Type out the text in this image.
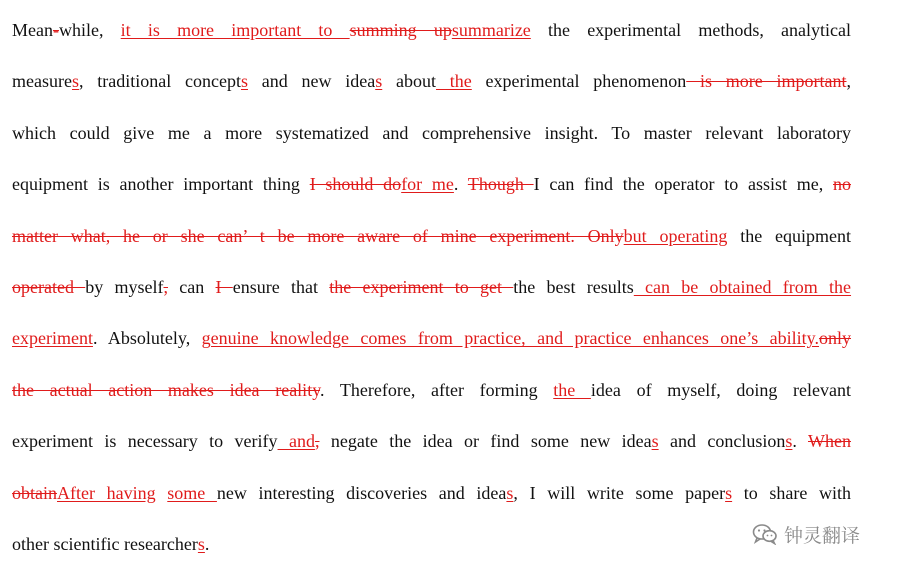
Mean-while, it is more important to summing upsummarize the experimental methods, analytical
measures, traditional concepts and new ideas about the experimental phenomenon is more important,
which could give me a more systematized and comprehensive insight. To master relevant laboratory
equipment is another important thing I should dofor me. Though I can find the operator to assist me, no
matter what, he or she can’ t be more aware of mine experiment. Onlybut operating the equipment
operated by myself, can I ensure that the experiment to get the best results can be obtained from the
experiment. Absolutely, genuine knowledge comes from practice, and practice enhances one’s ability.only
the actual action makes idea reality. Therefore, after forming the idea of myself, doing relevant
experiment is necessary to verify and, negate the idea or find some new ideas and conclusions. When
obtainAfter having some new interesting discoveries and ideas, I will write some papers to share with
other scientific researchers.	钟灵翻译
